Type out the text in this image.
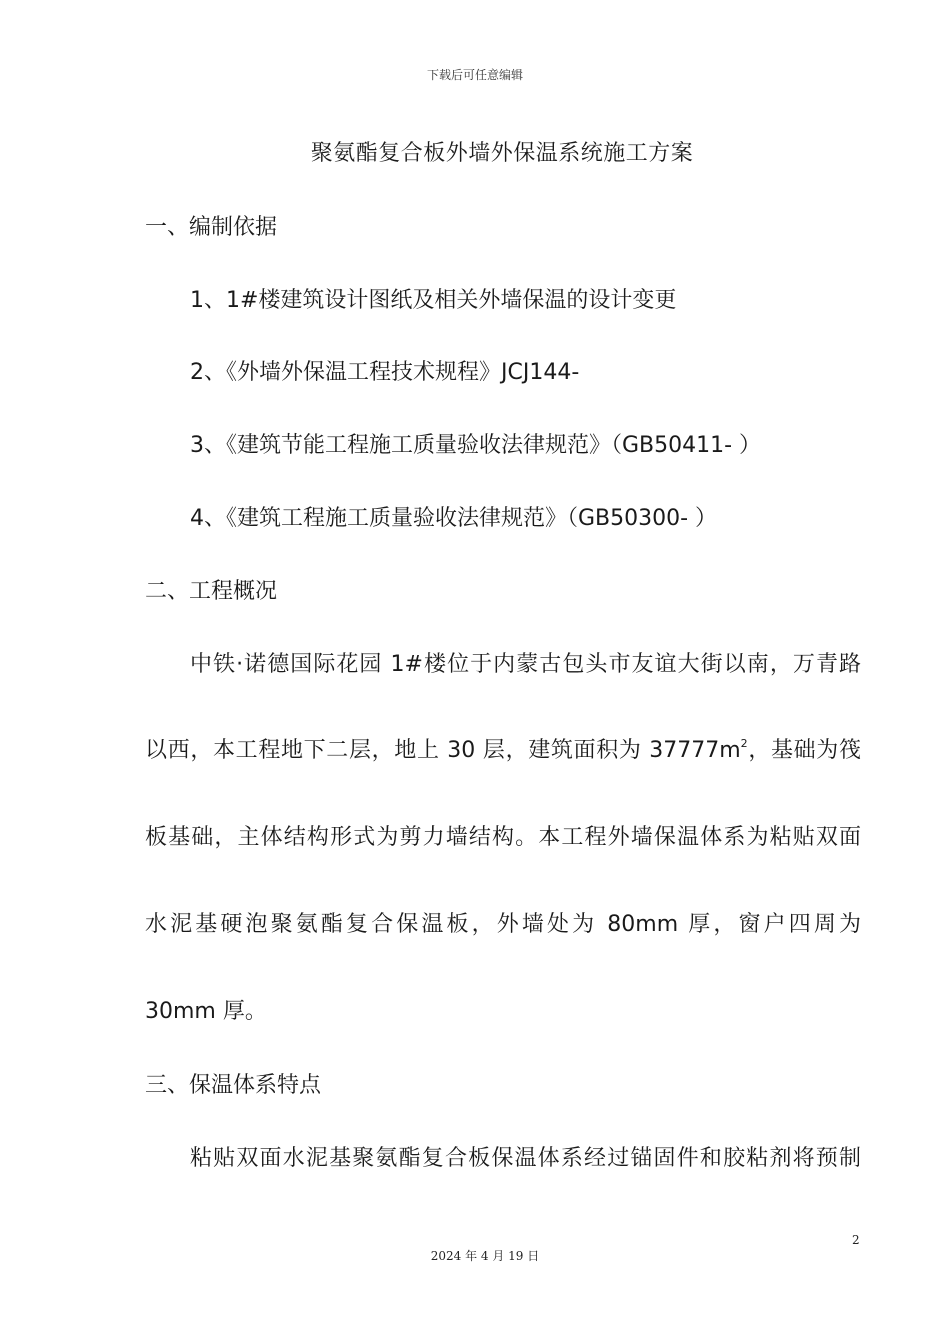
下载后可任意编辑
聚氨酯复合板外墙外保温系统施工方案
一、编制依据
1、1#楼建筑设计图纸及相关外墙保温的设计变更
2、《外墙外保温工程技术规程》JCJ144-
3、《建筑节能工程施工质量验收法律规范》（GB50411- ）
4、《建筑工程施工质量验收法律规范》（GB50300- ）
二、工程概况
中铁·诺德国际花园 1#楼位于内蒙古包头市友谊大街以南，万青路
以西，本工程地下二层，地上 30 层，建筑面积为 $37777m^2$，基础为筏
板基础，主体结构形式为剪力墙结构。本工程外墙保温体系为粘贴双面
水泥基硬泡聚氨酯复合保温板，外墙处为 80mm 厚，窗户四周为
30mm 厚。
三、保温体系特点
粘贴双面水泥基聚氨酯复合板保温体系经过锚固件和胶粘剂将预制
2
2024 年 4 月 19 日
